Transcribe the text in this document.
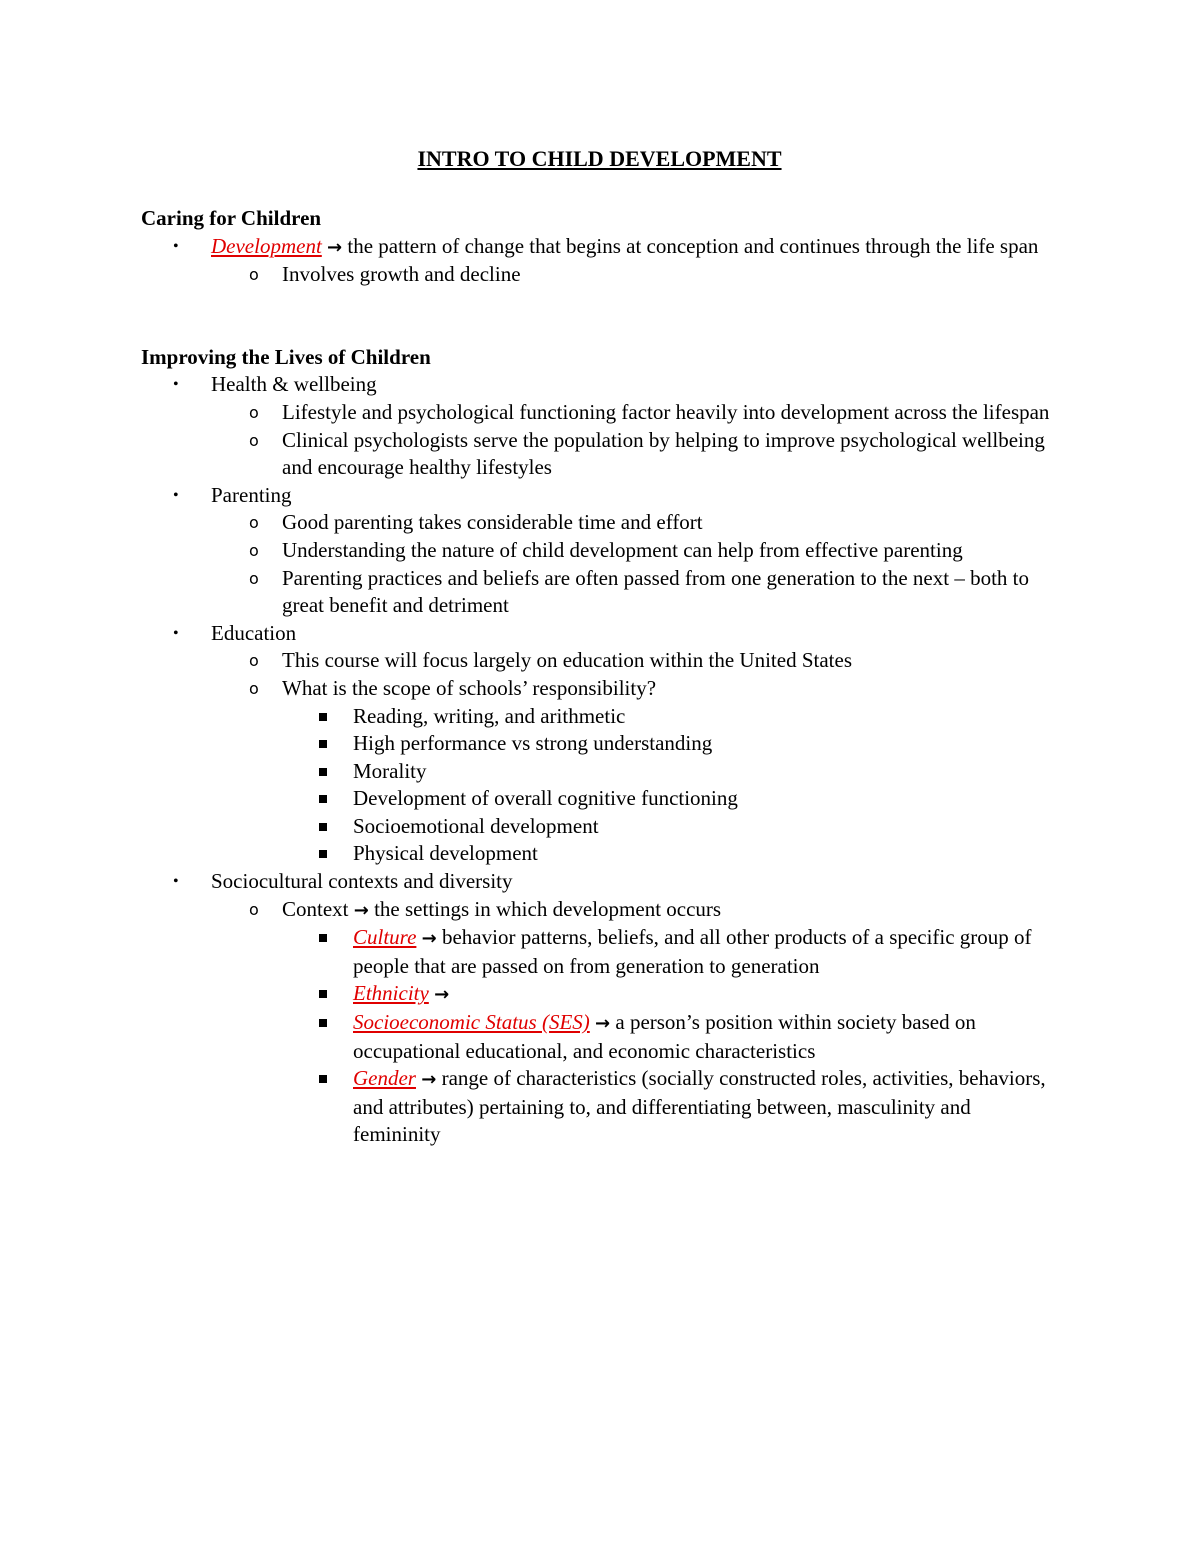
INTRO TO CHILD DEVELOPMENT

Caring for Children

• Development → the pattern of change that begins at conception and continues through the life span
o Involves growth and decline

Improving the Lives of Children

• Health & wellbeing
o Lifestyle and psychological functioning factor heavily into development across the lifespan
o Clinical psychologists serve the population by helping to improve psychological wellbeing and encourage healthy lifestyles
• Parenting
o Good parenting takes considerable time and effort
o Understanding the nature of child development can help from effective parenting
o Parenting practices and beliefs are often passed from one generation to the next – both to great benefit and detriment
• Education
o This course will focus largely on education within the United States
o What is the scope of schools’ responsibility?
Reading, writing, and arithmetic
High performance vs strong understanding
Morality
Development of overall cognitive functioning
Socioemotional development
Physical development
• Sociocultural contexts and diversity
o Context → the settings in which development occurs
Culture → behavior patterns, beliefs, and all other products of a specific group of people that are passed on from generation to generation
Ethnicity →
Socioeconomic Status (SES) → a person’s position within society based on occupational educational, and economic characteristics
Gender → range of characteristics (socially constructed roles, activities, behaviors, and attributes) pertaining to, and differentiating between, masculinity and femininity
